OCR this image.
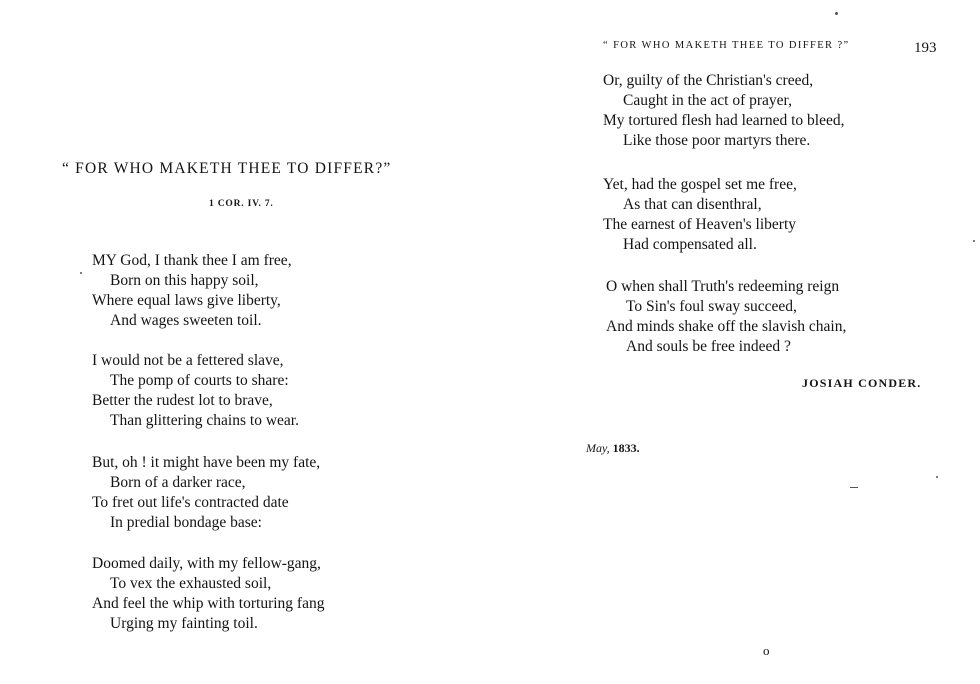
“ FOR WHO MAKETH THEE TO DIFFER?”
1 COR. IV. 7.
MY God, I thank thee I am free,
Born on this happy soil,
Where equal laws give liberty,
And wages sweeten toil.
I would not be a fettered slave,
The pomp of courts to share:
Better the rudest lot to brave,
Than glittering chains to wear.
But, oh ! it might have been my fate,
Born of a darker race,
To fret out life's contracted date
In predial bondage base:
Doomed daily, with my fellow-gang,
To vex the exhausted soil,
And feel the whip with torturing fang
Urging my fainting toil.
“ FOR WHO MAKETH THEE TO DIFFER ?”	193
Or, guilty of the Christian's creed,
Caught in the act of prayer,
My tortured flesh had learned to bleed,
Like those poor martyrs there.
Yet, had the gospel set me free,
As that can disenthral,
The earnest of Heaven's liberty
Had compensated all.
O when shall Truth's redeeming reign
To Sin's foul sway succeed,
And minds shake off the slavish chain,
And souls be free indeed ?
JOSIAH CONDER.
May, 1833.
o
